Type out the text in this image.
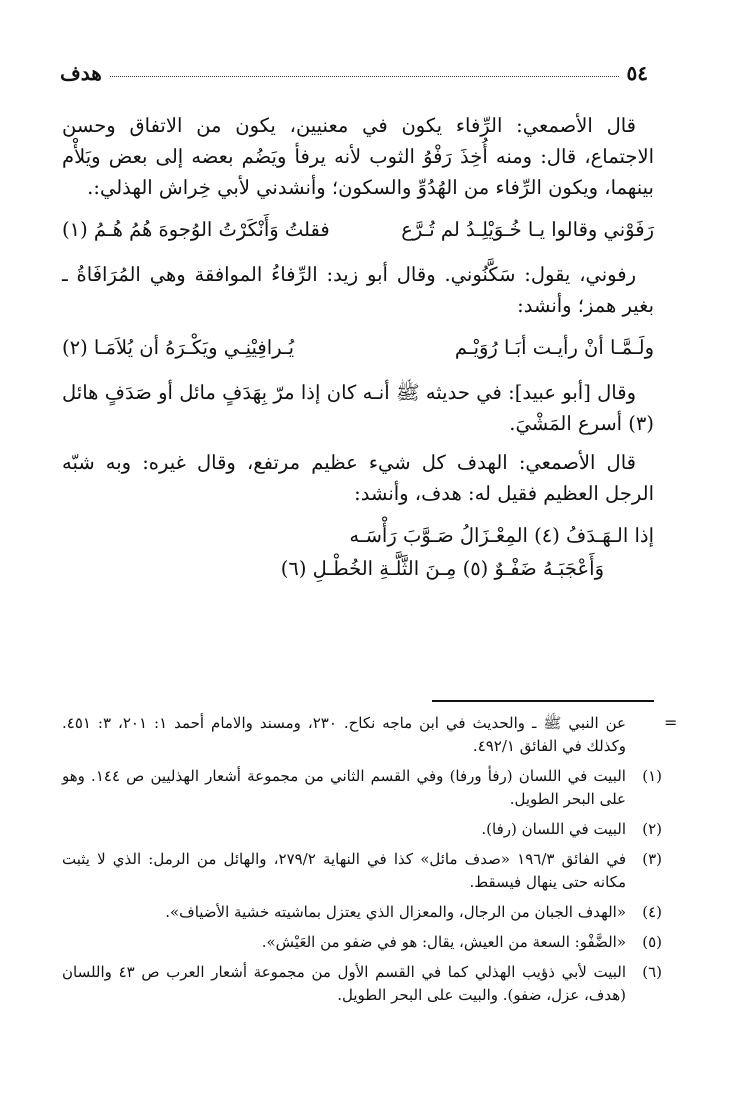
٥٤
هدف

قال الأصمعي: الرِّفاء يكون في معنيين، يكون من الاتفاق وحسن الاجتماع، قال: ومنه أُخِذَ رَفْوُ الثوب لأنه يرفأ ويَضُم بعضه إلى بعض ويَلأْم بينهما، ويكون الرِّفاء من الهُدُوِّ والسكون؛ وأنشدني لأبي خِراش الهذلي:.

رَفَوْني وقالوا يـا خُـوَيْلِـدُ لم تُـرَّع
فقلتُ وَأَنْكَرْتُ الوُجوهَ هُمُ هُـمُ (١)

رفوني، يقول: سَكَّنُوني. وقال أبو زيد: الرِّفاءُ الموافقة وهي المُرَافَاةُ ـ بغير همز؛ وأنشد:

ولَـمَّـا أنْ رأيـت أبَـا رُوَيْـم
يُـرافِيْنِـي ويَكْـرَهُ أن يُلاَمَـا (٢)

وقال [أبو عبيد]: في حديثه ﷺ أنـه كان إذا مرّ بِهَدَفٍ مائل أو صَدَفٍ هائل (٣) أسرع المَشْيَ.

قال الأصمعي: الهدف كل شيء عظيم مرتفع، وقال غيره: وبه شبّه الرجل العظيم فقيل له: هدف، وأنشد:

إذا الـهَـدَفُ (٤) المِعْـزَالُ صَـوَّبَ رَأْسَـه
وَأَعْجَبَـهُ ضَفْـوٌ (٥) مِـنَ الثَّلَّـةِ الخُطْـلِ (٦)
=
عن النبي ﷺ ـ والحديث في ابن ماجه نكاح. ٢٣٠، ومسند والامام أحمد ١: ٢٠١، ٣: ٤٥١. وكذلك في الفائق ٤٩٢/١.
(١)
البيت في اللسان (رفأ ورفا) وفي القسم الثاني من مجموعة أشعار الهذليين ص ١٤٤. وهو على البحر الطويل.
(٢)
البيت في اللسان (رفا).
(٣)
في الفائق ١٩٦/٣ «صدف مائل» كذا في النهاية ٢٧٩/٢، والهائل من الرمل: الذي لا يثبت مكانه حتى ينهال فيسقط.
(٤)
«الهدف الجبان من الرجال، والمعزال الذي يعتزل بماشيته خشية الأضياف».
(٥)
«الضَّفْو: السعة من العيش، يقال: هو في ضفو من العَيْش».
(٦)
البيت لأبي ذؤيب الهذلي كما في القسم الأول من مجموعة أشعار العرب ص ٤٣ واللسان (هدف، عزل، ضفو). والبيت على البحر الطويل.
